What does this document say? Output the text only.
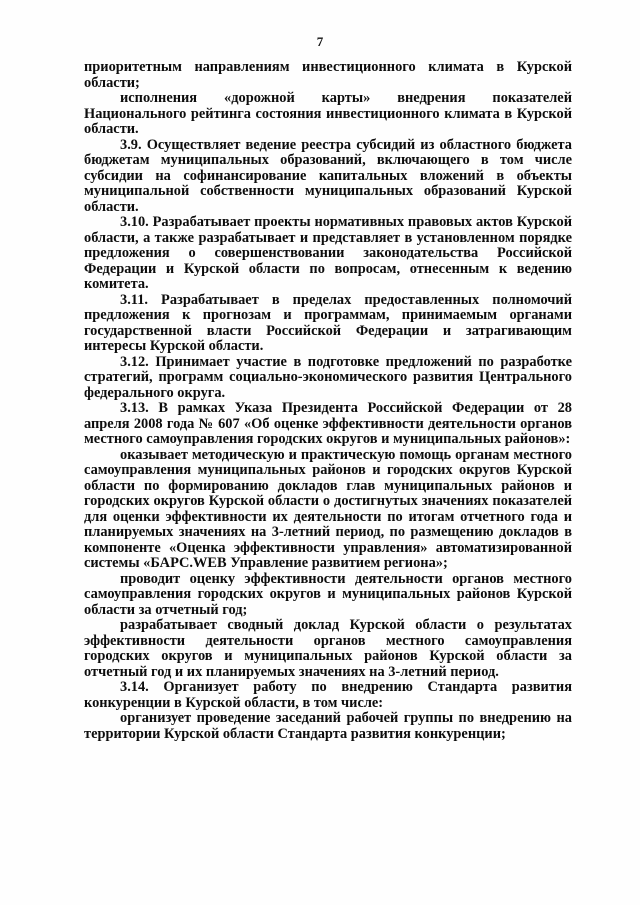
7

приоритетным направлениям инвестиционного климата в Курской области;

исполнения «дорожной карты» внедрения показателей Национального рейтинга состояния инвестиционного климата в Курской области.

3.9. Осуществляет ведение реестра субсидий из областного бюджета бюджетам муниципальных образований, включающего в том числе субсидии на софинансирование капитальных вложений в объекты муниципальной собственности муниципальных образований Курской области.

3.10. Разрабатывает проекты нормативных правовых актов Курской области, а также разрабатывает и представляет в установленном порядке предложения о совершенствовании законодательства Российской Федерации и Курской области по вопросам, отнесенным к ведению комитета.

3.11. Разрабатывает в пределах предоставленных полномочий предложения к прогнозам и программам, принимаемым органами государственной власти Российской Федерации и затрагивающим интересы Курской области.

3.12. Принимает участие в подготовке предложений по разработке стратегий, программ социально-экономического развития Центрального федерального округа.

3.13. В рамках Указа Президента Российской Федерации от 28 апреля 2008 года № 607 «Об оценке эффективности деятельности органов местного самоуправления городских округов и муниципальных районов»:

оказывает методическую и практическую помощь органам местного самоуправления муниципальных районов и городских округов Курской области по формированию докладов глав муниципальных районов и городских округов Курской области о достигнутых значениях показателей для оценки эффективности их деятельности по итогам отчетного года и планируемых значениях на 3-летний период, по размещению докладов в компоненте «Оценка эффективности управления» автоматизированной системы «БАРС.WEB Управление развитием региона»;

проводит оценку эффективности деятельности органов местного самоуправления городских округов и муниципальных районов Курской области за отчетный год;

разрабатывает сводный доклад Курской области о результатах эффективности деятельности органов местного самоуправления городских округов и муниципальных районов Курской области за отчетный год и их планируемых значениях на 3-летний период.

3.14. Организует работу по внедрению Стандарта развития конкуренции в Курской области, в том числе:

организует проведение заседаний рабочей группы по внедрению на территории Курской области Стандарта развития конкуренции;
